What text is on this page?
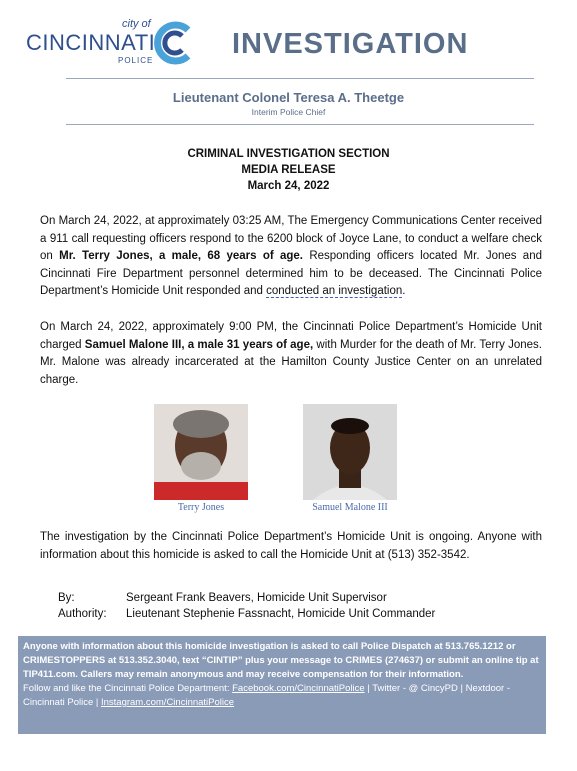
city of
CINCINNATI
POLICE
INVESTIGATION
Lieutenant Colonel Teresa A. Theetge
Interim Police Chief
CRIMINAL INVESTIGATION SECTION
MEDIA RELEASE
March 24, 2022
On March 24, 2022, at approximately 03:25 AM, The Emergency Communications Center received a 911 call requesting officers respond to the 6200 block of Joyce Lane, to conduct a welfare check on Mr. Terry Jones, a male, 68 years of age. Responding officers located Mr. Jones and Cincinnati Fire Department personnel determined him to be deceased. The Cincinnati Police Department’s Homicide Unit responded and conducted an investigation.
On March 24, 2022, approximately 9:00 PM, the Cincinnati Police Department’s Homicide Unit charged Samuel Malone III, a male 31 years of age, with Murder for the death of Mr. Terry Jones. Mr. Malone was already incarcerated at the Hamilton County Justice Center on an unrelated charge.
Terry Jones	Samuel Malone III
The investigation by the Cincinnati Police Department’s Homicide Unit is ongoing. Anyone with information about this homicide is asked to call the Homicide Unit at (513) 352-3542.
By:	Sergeant Frank Beavers, Homicide Unit Supervisor
Authority: Lieutenant Stephenie Fassnacht, Homicide Unit Commander
Anyone with information about this homicide investigation is asked to call Police Dispatch at 513.765.1212 or CRIMESTOPPERS at 513.352.3040, text “CINTIP” plus your message to CRIMES (274637) or submit an online tip at TIP411.com. Callers may remain anonymous and may receive compensation for their information.
Follow and like the Cincinnati Police Department: Facebook.com/CincinnatiPolice | Twitter - @ CincyPD | Nextdoor - Cincinnati Police | Instagram.com/CincinnatiPolice
